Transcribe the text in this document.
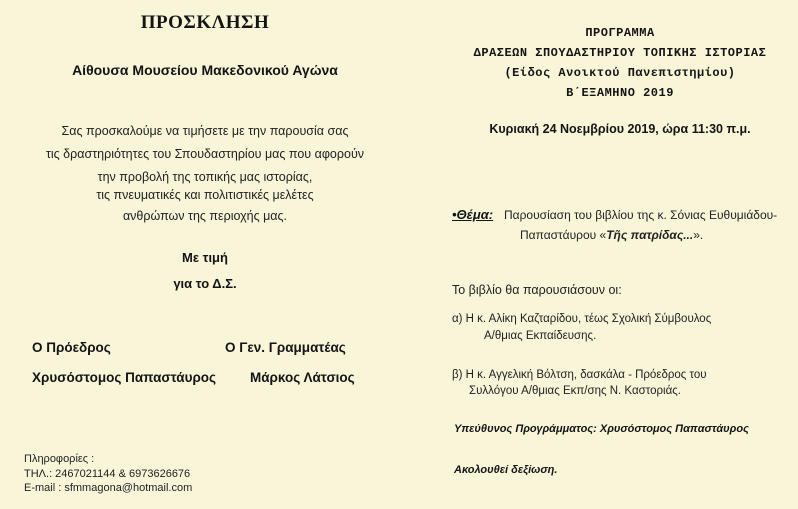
ΠΡΟΣΚΛΗΣΗ
Αίθουσα Μουσείου Μακεδονικού Αγώνα
Σας προσκαλούμε να τιμήσετε με την παρουσία σας
τις δραστηριότητες του Σπουδαστηρίου μας που αφορούν
την προβολή της τοπικής μας ιστορίας,
τις πνευματικές και πολιτιστικές μελέτες
ανθρώπων της περιοχής μας.
Με τιμή
για το Δ.Σ.
Ο Πρόεδρος	Ο Γεν. Γραμματέας
Χρυσόστομος Παπαστάυρος	Μάρκος Λάτσιος
Πληροφορίες :
ΤΗΛ.: 2467021144 & 6973626676
E-mail : sfmmagona@hotmail.com
ΠΡΟΓΡΑΜΜΑ
ΔΡΑΣΕΩΝ ΣΠΟΥΔΑΣΤΗΡΙΟΥ ΤΟΠΙΚΗΣ ΙΣΤΟΡΙΑΣ
(Είδος Ανοικτού Πανεπιστημίου)
Β΄ΕΞΑΜΗΝΟ 2019
Κυριακή 24 Νοεμβρίου 2019, ώρα 11:30 π.μ.
•Θέμα: Παρουσίαση του βιβλίου της κ. Σόνιας Ευθυμιάδου-
Παπαστάυρου «Τῆς πατρίδας...».
Το βιβλίο θα παρουσιάσουν οι:
α) Η κ. Αλίκη Καζταρίδου, τέως Σχολική Σύμβουλος
Α/θμιας Εκπαίδευσης.
β) Η κ. Αγγελική Βόλτση, δασκάλα - Πρόεδρος του
Συλλόγου Α/θμιας Εκπ/σης Ν. Καστοριάς.
Υπεύθυνος Προγράμματος: Χρυσόστομος Παπαστάυρος
Ακολουθεί δεξίωση.
